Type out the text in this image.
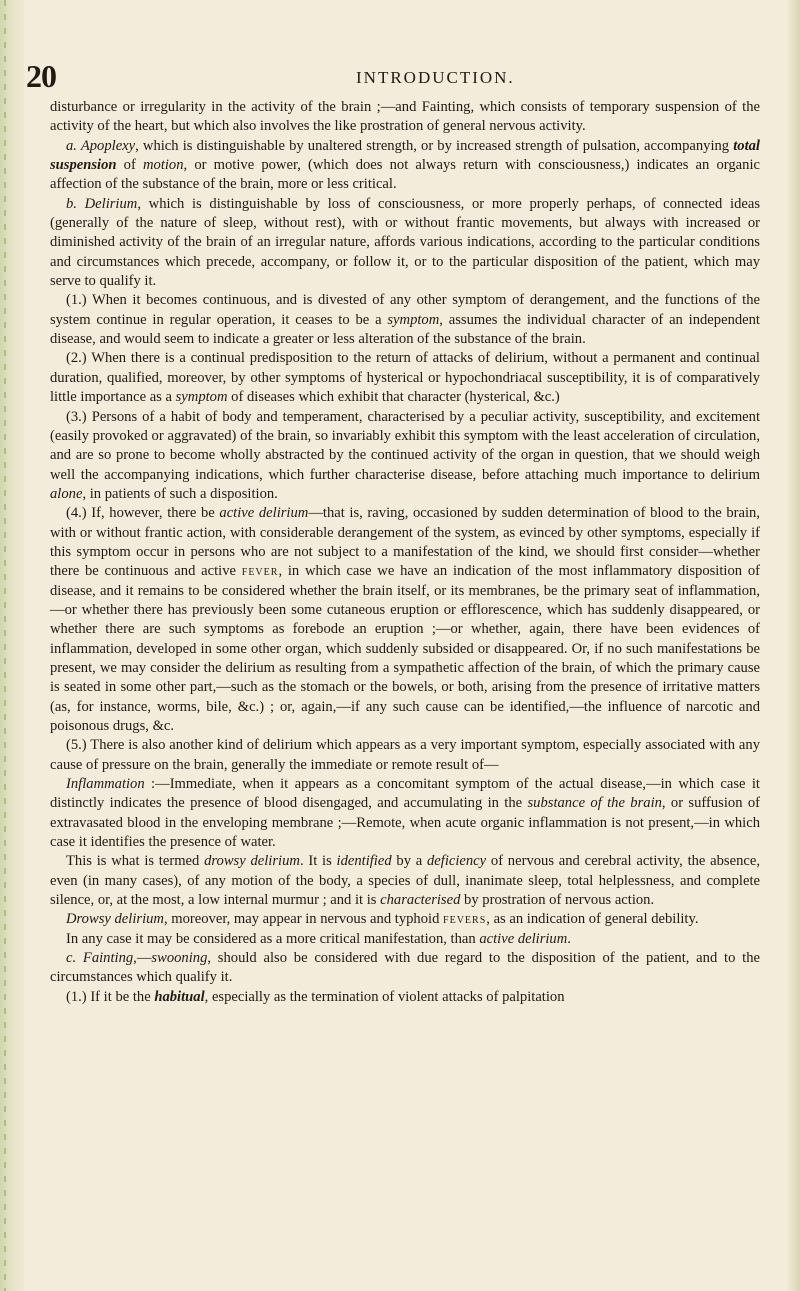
20	INTRODUCTION.

disturbance or irregularity in the activity of the brain ;—and Fainting, which consists of temporary suspension of the activity of the heart, but which also involves the like prostration of general nervous activity.

a. Apoplexy, which is distinguishable by unaltered strength, or by increased strength of pulsation, accompanying total suspension of motion, or motive power, (which does not always return with consciousness,) indicates an organic affection of the substance of the brain, more or less critical.

b. Delirium, which is distinguishable by loss of consciousness, or more properly perhaps, of connected ideas (generally of the nature of sleep, without rest), with or without frantic movements, but always with increased or diminished activity of the brain of an irregular nature, affords various indications, according to the particular conditions and circumstances which precede, accompany, or follow it, or to the particular disposition of the patient, which may serve to qualify it.

(1.) When it becomes continuous, and is divested of any other symptom of derangement, and the functions of the system continue in regular operation, it ceases to be a symptom, assumes the individual character of an independent disease, and would seem to indicate a greater or less alteration of the substance of the brain.

(2.) When there is a continual predisposition to the return of attacks of delirium, without a permanent and continual duration, qualified, moreover, by other symptoms of hysterical or hypochondriacal susceptibility, it is of comparatively little importance as a symptom of diseases which exhibit that character (hysterical, &c.)

(3.) Persons of a habit of body and temperament, characterised by a peculiar activity, susceptibility, and excitement (easily provoked or aggravated) of the brain, so invariably exhibit this symptom with the least acceleration of circulation, and are so prone to become wholly abstracted by the continued activity of the organ in question, that we should weigh well the accompanying indications, which further characterise disease, before attaching much importance to delirium alone, in patients of such a disposition.

(4.) If, however, there be active delirium—that is, raving, occasioned by sudden determination of blood to the brain, with or without frantic action, with considerable derangement of the system, as evinced by other symptoms, especially if this symptom occur in persons who are not subject to a manifestation of the kind, we should first consider—whether there be continuous and active fever, in which case we have an indication of the most inflammatory disposition of disease, and it remains to be considered whether the brain itself, or its membranes, be the primary seat of inflammation,—or whether there has previously been some cutaneous eruption or efflorescence, which has suddenly disappeared, or whether there are such symptoms as forebode an eruption ;—or whether, again, there have been evidences of inflammation, developed in some other organ, which suddenly subsided or disappeared. Or, if no such manifestations be present, we may consider the delirium as resulting from a sympathetic affection of the brain, of which the primary cause is seated in some other part,—such as the stomach or the bowels, or both, arising from the presence of irritative matters (as, for instance, worms, bile, &c.) ; or, again,—if any such cause can be identified,—the influence of narcotic and poisonous drugs, &c.

(5.) There is also another kind of delirium which appears as a very important symptom, especially associated with any cause of pressure on the brain, generally the immediate or remote result of—

Inflammation :—Immediate, when it appears as a concomitant symptom of the actual disease,—in which case it distinctly indicates the presence of blood disengaged, and accumulating in the substance of the brain, or suffusion of extravasated blood in the enveloping membrane ;—Remote, when acute organic inflammation is not present,—in which case it identifies the presence of water.

This is what is termed drowsy delirium. It is identified by a deficiency of nervous and cerebral activity, the absence, even (in many cases), of any motion of the body, a species of dull, inanimate sleep, total helplessness, and complete silence, or, at the most, a low internal murmur ; and it is characterised by prostration of nervous action.

Drowsy delirium, moreover, may appear in nervous and typhoid fevers, as an indication of general debility.

In any case it may be considered as a more critical manifestation, than active delirium.

c. Fainting,—swooning, should also be considered with due regard to the disposition of the patient, and to the circumstances which qualify it.

(1.) If it be the habitual, especially as the termination of violent attacks of palpitation
